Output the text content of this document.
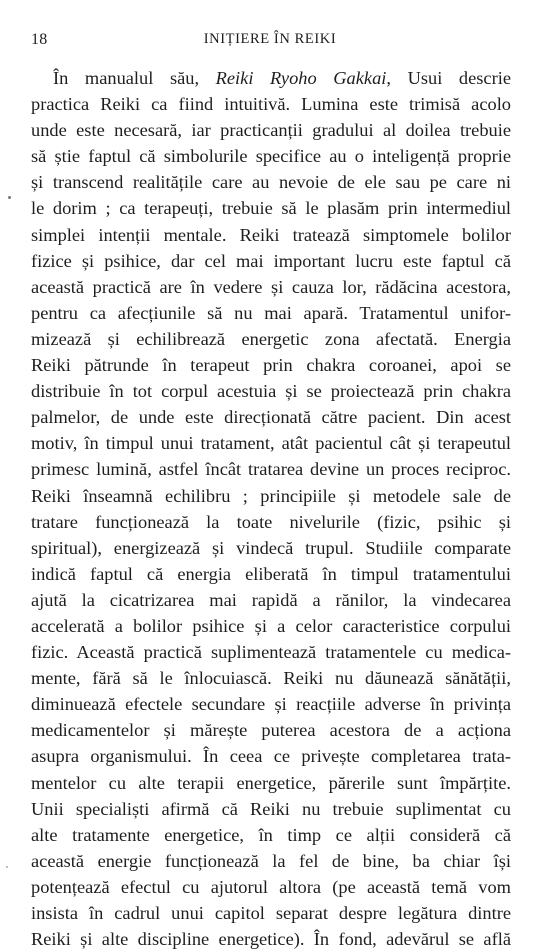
18	INIȚIERE ÎN REIKI
În manualul său, Reiki Ryoho Gakkai, Usui descrie
practica Reiki ca fiind intuitivă. Lumina este trimisă acolo
unde este necesară, iar practicanții gradului al doilea trebuie
să știe faptul că simbolurile specifice au o inteligență proprie
și transcend realitățile care au nevoie de ele sau pe care ni
le dorim ; ca terapeuți, trebuie să le plasăm prin intermediul
simplei intenții mentale. Reiki tratează simptomele bolilor
fizice și psihice, dar cel mai important lucru este faptul că
această practică are în vedere și cauza lor, rădăcina acestora,
pentru ca afecțiunile să nu mai apară. Tratamentul unifor-
mizează și echilibrează energetic zona afectată. Energia
Reiki pătrunde în terapeut prin chakra coroanei, apoi se
distribuie în tot corpul acestuia și se proiectează prin chakra
palmelor, de unde este direcționată către pacient. Din acest
motiv, în timpul unui tratament, atât pacientul cât și terapeutul
primesc lumină, astfel încât tratarea devine un proces reciproc.
Reiki înseamnă echilibru ; principiile și metodele sale de
tratare funcționează la toate nivelurile (fizic, psihic și
spiritual), energizează și vindecă trupul. Studiile comparate
indică faptul că energia eliberată în timpul tratamentului
ajută la cicatrizarea mai rapidă a rănilor, la vindecarea
accelerată a bolilor psihice și a celor caracteristice corpului
fizic. Această practică suplimentează tratamentele cu medica-
mente, fără să le înlocuiască. Reiki nu dăunează sănătății,
diminuează efectele secundare și reacțiile adverse în privința
medicamentelor și mărește puterea acestora de a acționa
asupra organismului. În ceea ce privește completarea trata-
mentelor cu alte terapii energetice, părerile sunt împărțite.
Unii specialiști afirmă că Reiki nu trebuie suplimentat cu
alte tratamente energetice, în timp ce alții consideră că
această energie funcționează la fel de bine, ba chiar își
potențează efectul cu ajutorul altora (pe această temă vom
insista în cadrul unui capitol separat despre legătura dintre
Reiki și alte discipline energetice). În fond, adevărul se află
